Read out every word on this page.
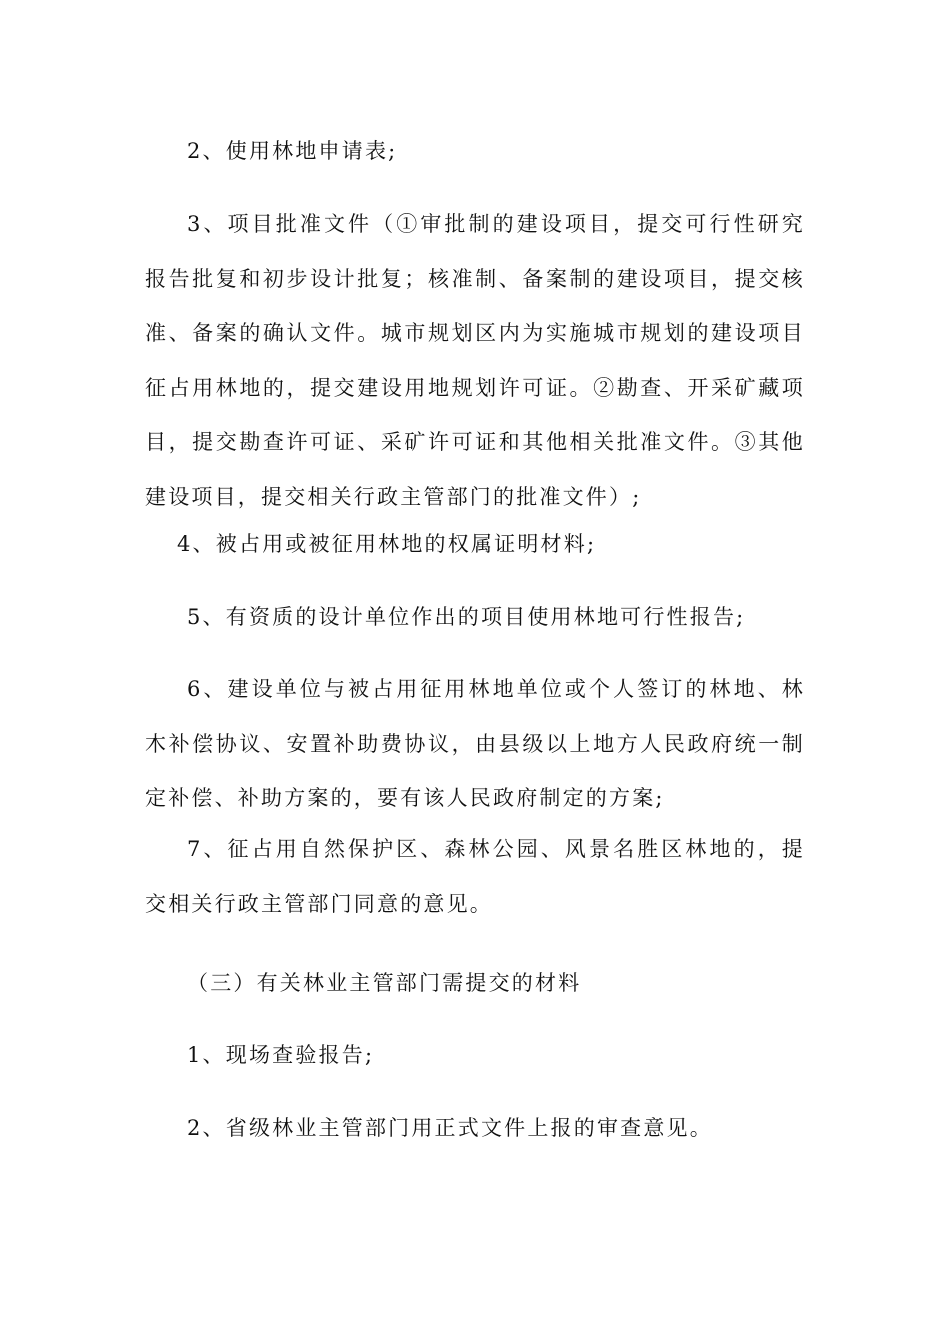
2、使用林地申请表;

3、项目批准文件（①审批制的建设项目，提交可行性研究报告批复和初步设计批复；核准制、备案制的建设项目，提交核准、备案的确认文件。城市规划区内为实施城市规划的建设项目征占用林地的，提交建设用地规划许可证。②勘查、开采矿藏项目，提交勘查许可证、采矿许可证和其他相关批准文件。③其他建设项目，提交相关行政主管部门的批准文件）;

4、被占用或被征用林地的权属证明材料;

5、有资质的设计单位作出的项目使用林地可行性报告;

6、建设单位与被占用征用林地单位或个人签订的林地、林木补偿协议、安置补助费协议，由县级以上地方人民政府统一制定补偿、补助方案的，要有该人民政府制定的方案;

7、征占用自然保护区、森林公园、风景名胜区林地的，提交相关行政主管部门同意的意见。

（三）有关林业主管部门需提交的材料

1、现场查验报告;

2、省级林业主管部门用正式文件上报的审查意见。
